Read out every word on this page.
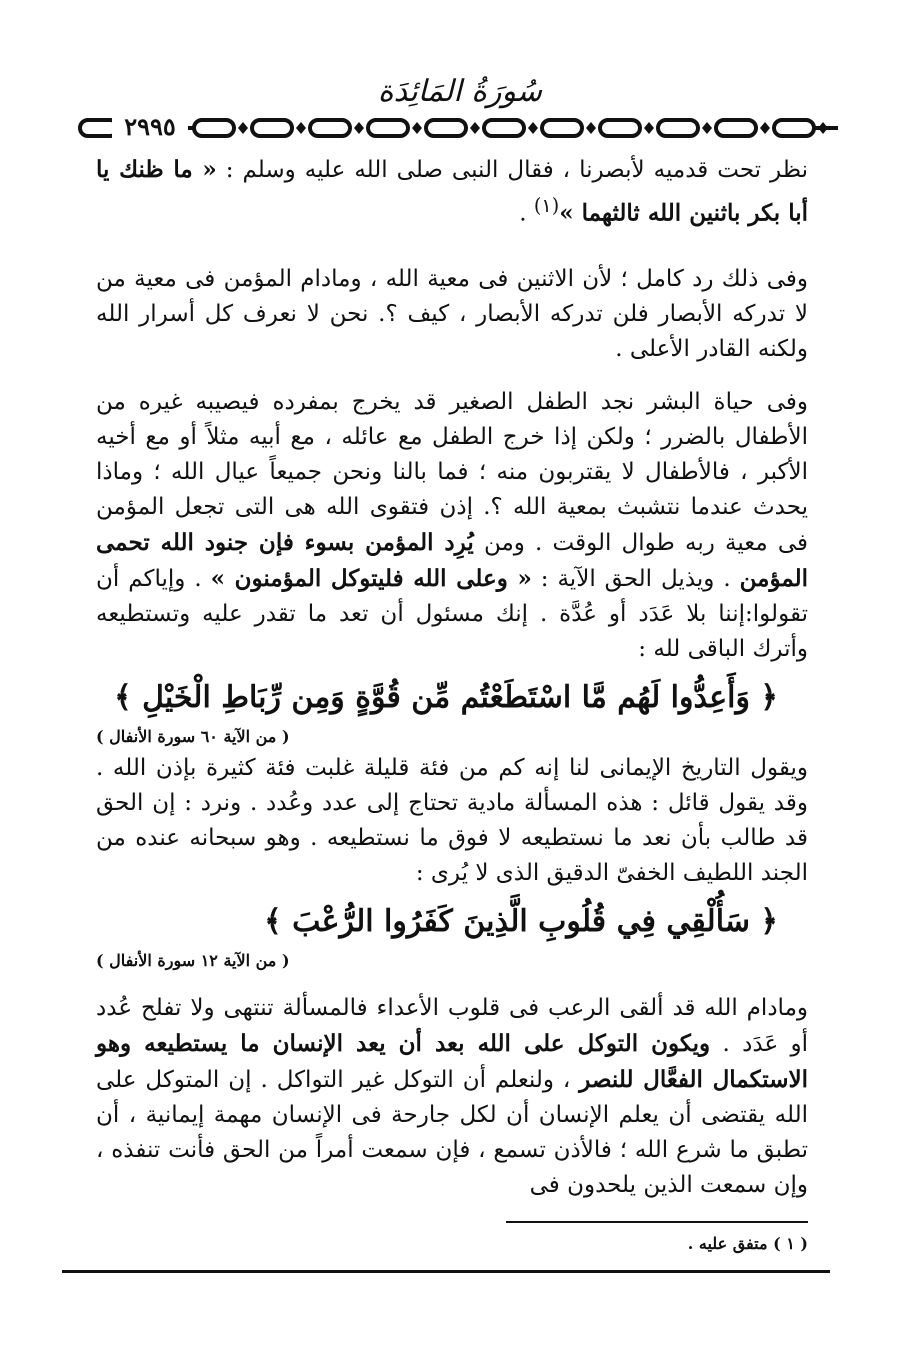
سُورَةُ المَائِدَة
٢٩٩٥

نظر تحت قدميه لأبصرنا ، فقال النبى صلى الله عليه وسلم : « ما ظنك يا أبا بكر باثنين الله ثالثهما »$^{(١)}$ .

وفى ذلك رد كامل ؛ لأن الاثنين فى معية الله ، ومادام المؤمن فى معية من لا تدركه الأبصار فلن تدركه الأبصار ، كيف ؟. نحن لا نعرف كل أسرار الله ولكنه القادر الأعلى .

وفى حياة البشر نجد الطفل الصغير قد يخرج بمفرده فيصيبه غيره من الأطفال بالضرر ؛ ولكن إذا خرج الطفل مع عائله ، مع أبيه مثلاً أو مع أخيه الأكبر ، فالأطفال لا يقتربون منه ؛ فما بالنا ونحن جميعاً عيال الله ؛ وماذا يحدث عندما نتشبث بمعية الله ؟. إذن فتقوى الله هى التى تجعل المؤمن فى معية ربه طوال الوقت . ومن يُرِد المؤمن بسوء فإن جنود الله تحمى المؤمن . ويذيل الحق الآية : « وعلى الله فليتوكل المؤمنون » . وإياكم أن تقولوا:إننا بلا عَدَد أو عُدَّة . إنك مسئول أن تعد ما تقدر عليه وتستطيعه وأترك الباقى لله :

﴿ وَأَعِدُّوا لَهُم مَّا اسْتَطَعْتُم مِّن قُوَّةٍ وَمِن رِّبَاطِ الْخَيْلِ ﴾
( من الآية ٦٠ سورة الأنفال )

ويقول التاريخ الإيمانى لنا إنه كم من فئة قليلة غلبت فئة كثيرة بإذن الله . وقد يقول قائل : هذه المسألة مادية تحتاج إلى عدد وعُدد . ونرد : إن الحق قد طالب بأن نعد ما نستطيعه لا فوق ما نستطيعه . وهو سبحانه عنده من الجند اللطيف الخفىّ الدقيق الذى لا يُرى :

﴿ سَأُلْقِي فِي قُلُوبِ الَّذِينَ كَفَرُوا الرُّعْبَ ﴾
( من الآية ١٢ سورة الأنفال )

ومادام الله قد ألقى الرعب فى قلوب الأعداء فالمسألة تنتهى ولا تفلح عُدد أو عَدَد . ويكون التوكل على الله بعد أن يعد الإنسان ما يستطيعه وهو الاستكمال الفعَّال للنصر ، ولنعلم أن التوكل غير التواكل . إن المتوكل على الله يقتضى أن يعلم الإنسان أن لكل جارحة فى الإنسان مهمة إيمانية ، أن تطبق ما شرع الله ؛ فالأذن تسمع ، فإن سمعت أمراً من الحق فأنت تنفذه ، وإن سمعت الذين يلحدون فى

( ١ ) متفق عليه .
